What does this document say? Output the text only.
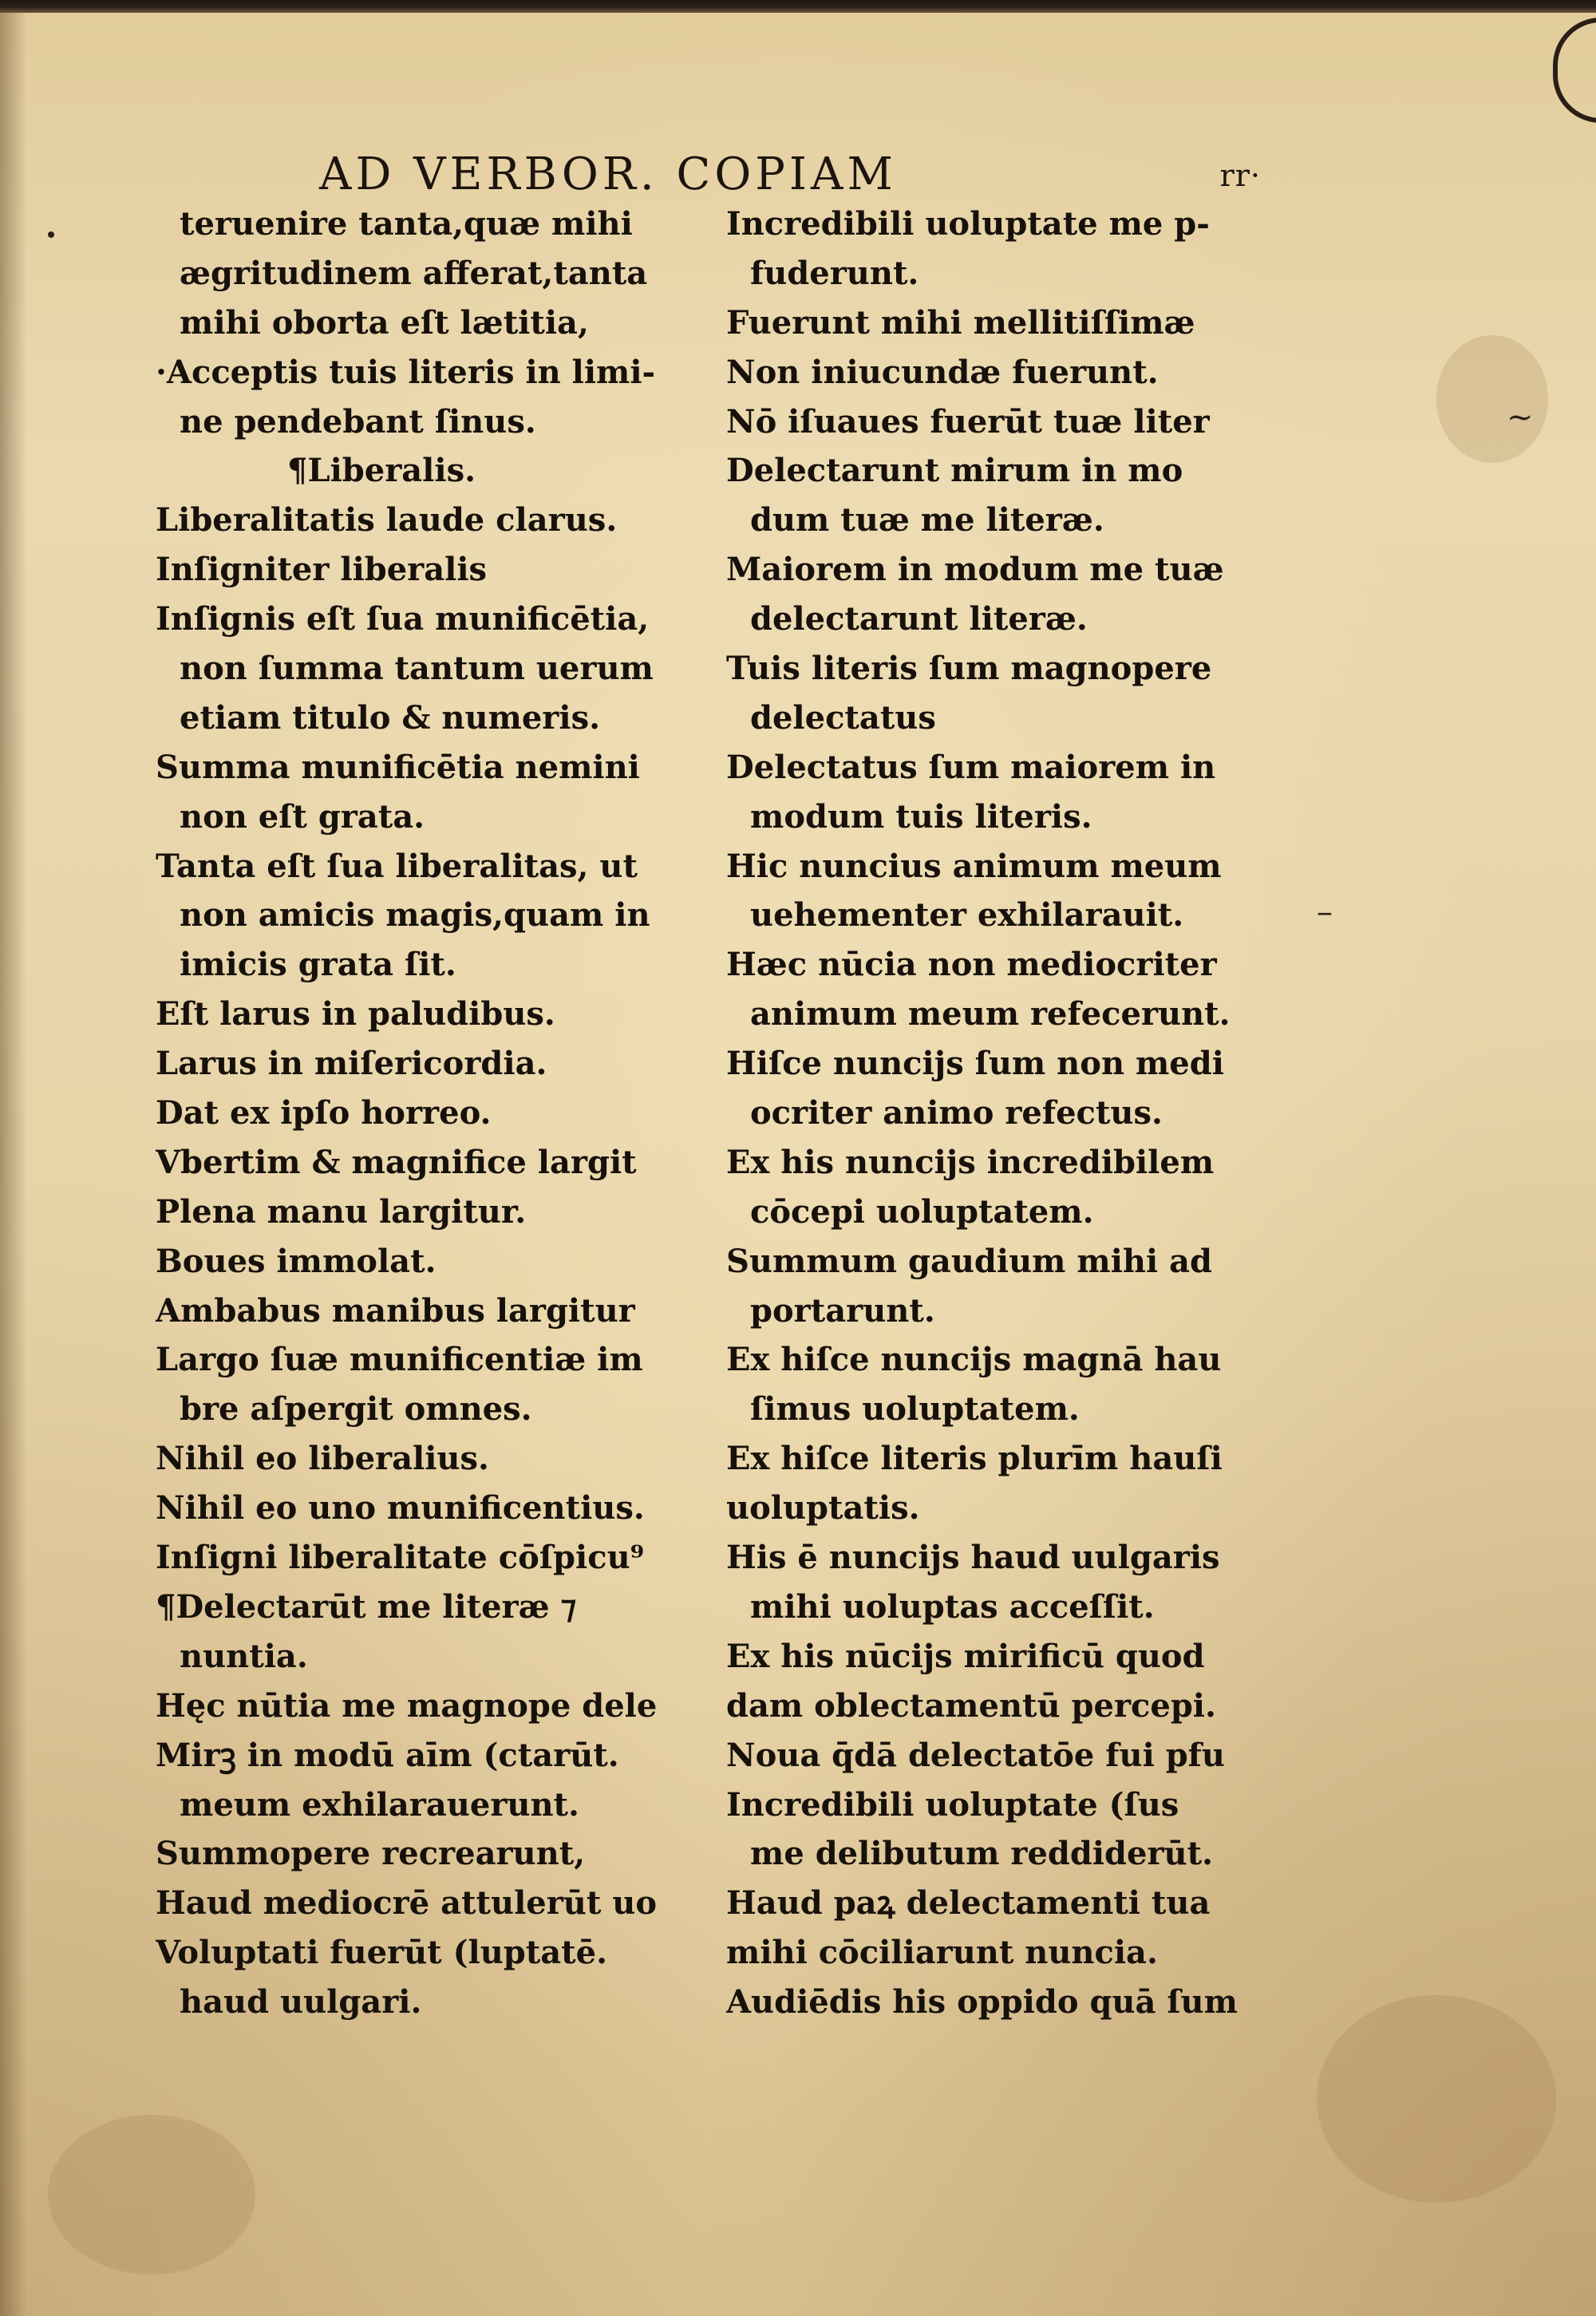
AD VERBOR. COPIAM	rr·
~
–
teruenire tanta,quæ mihi
ægritudinem afferat,tanta
mihi oborta eſt lætitia,
·Acceptis tuis literis in limi-
ne pendebant ſinus.
¶Liberalis.
Liberalitatis laude clarus.
Inſigniter liberalis
Inſignis eſt ſua munificētia,
non ſumma tantum uerum
etiam titulo & numeris.
Summa munificētia nemini
non eſt grata.
Tanta eſt ſua liberalitas, ut
non amicis magis,quam in
imicis grata ſit.
Eſt larus in paludibus.
Larus in miſericordia.
Dat ex ipſo horreo.
Vbertim & magnifice largit
Plena manu largitur.
Boues immolat.
Ambabus manibus largitur
Largo ſuæ munificentiæ im
bre aſpergit omnes.
Nihil eo liberalius.
Nihil eo uno munificentius.
Inſigni liberalitate cōſpicu⁹
¶Delectarūt me literæ ⁊
nuntia.
Hęc nūtia me magnope dele
Mirꝫ in modū aīm (ctarūt.
meum exhilarauerunt.
Summopere recrearunt,
Haud mediocrē attulerūt uo
Voluptati fuerūt (luptatē.
haud uulgari.
Incredibili uoluptate me p-
fuderunt.
Fuerunt mihi mellitiſſimæ
Non iniucundæ fuerunt.
Nō iſuaues fuerūt tuæ liter
Delectarunt mirum in mo
dum tuæ me literæ.
Maiorem in modum me tuæ
delectarunt literæ.
Tuis literis ſum magnopere
delectatus
Delectatus ſum maiorem in
modum tuis literis.
Hic nuncius animum meum
uehementer exhilarauit.
Hæc nūcia non mediocriter
animum meum refecerunt.
Hiſce nuncijs ſum non medi
ocriter animo refectus.
Ex his nuncijs incredibilem
cōcepi uoluptatem.
Summum gaudium mihi ad
portarunt.
Ex hiſce nuncijs magnā hau
ſimus uoluptatem.
Ex hiſce literis plurīm hauſi
uoluptatis.
His ē nuncijs haud uulgaris
mihi uoluptas acceſſit.
Ex his nūcijs mirificū quod
dam oblectamentū percepi.
Noua q̄dā delectatōe fui pfu
Incredibili uoluptate (ſus
me delibutum reddiderūt.
Haud paꝝ delectamenti tua
mihi cōciliarunt nuncia.
Audiēdis his oppido quā ſum
